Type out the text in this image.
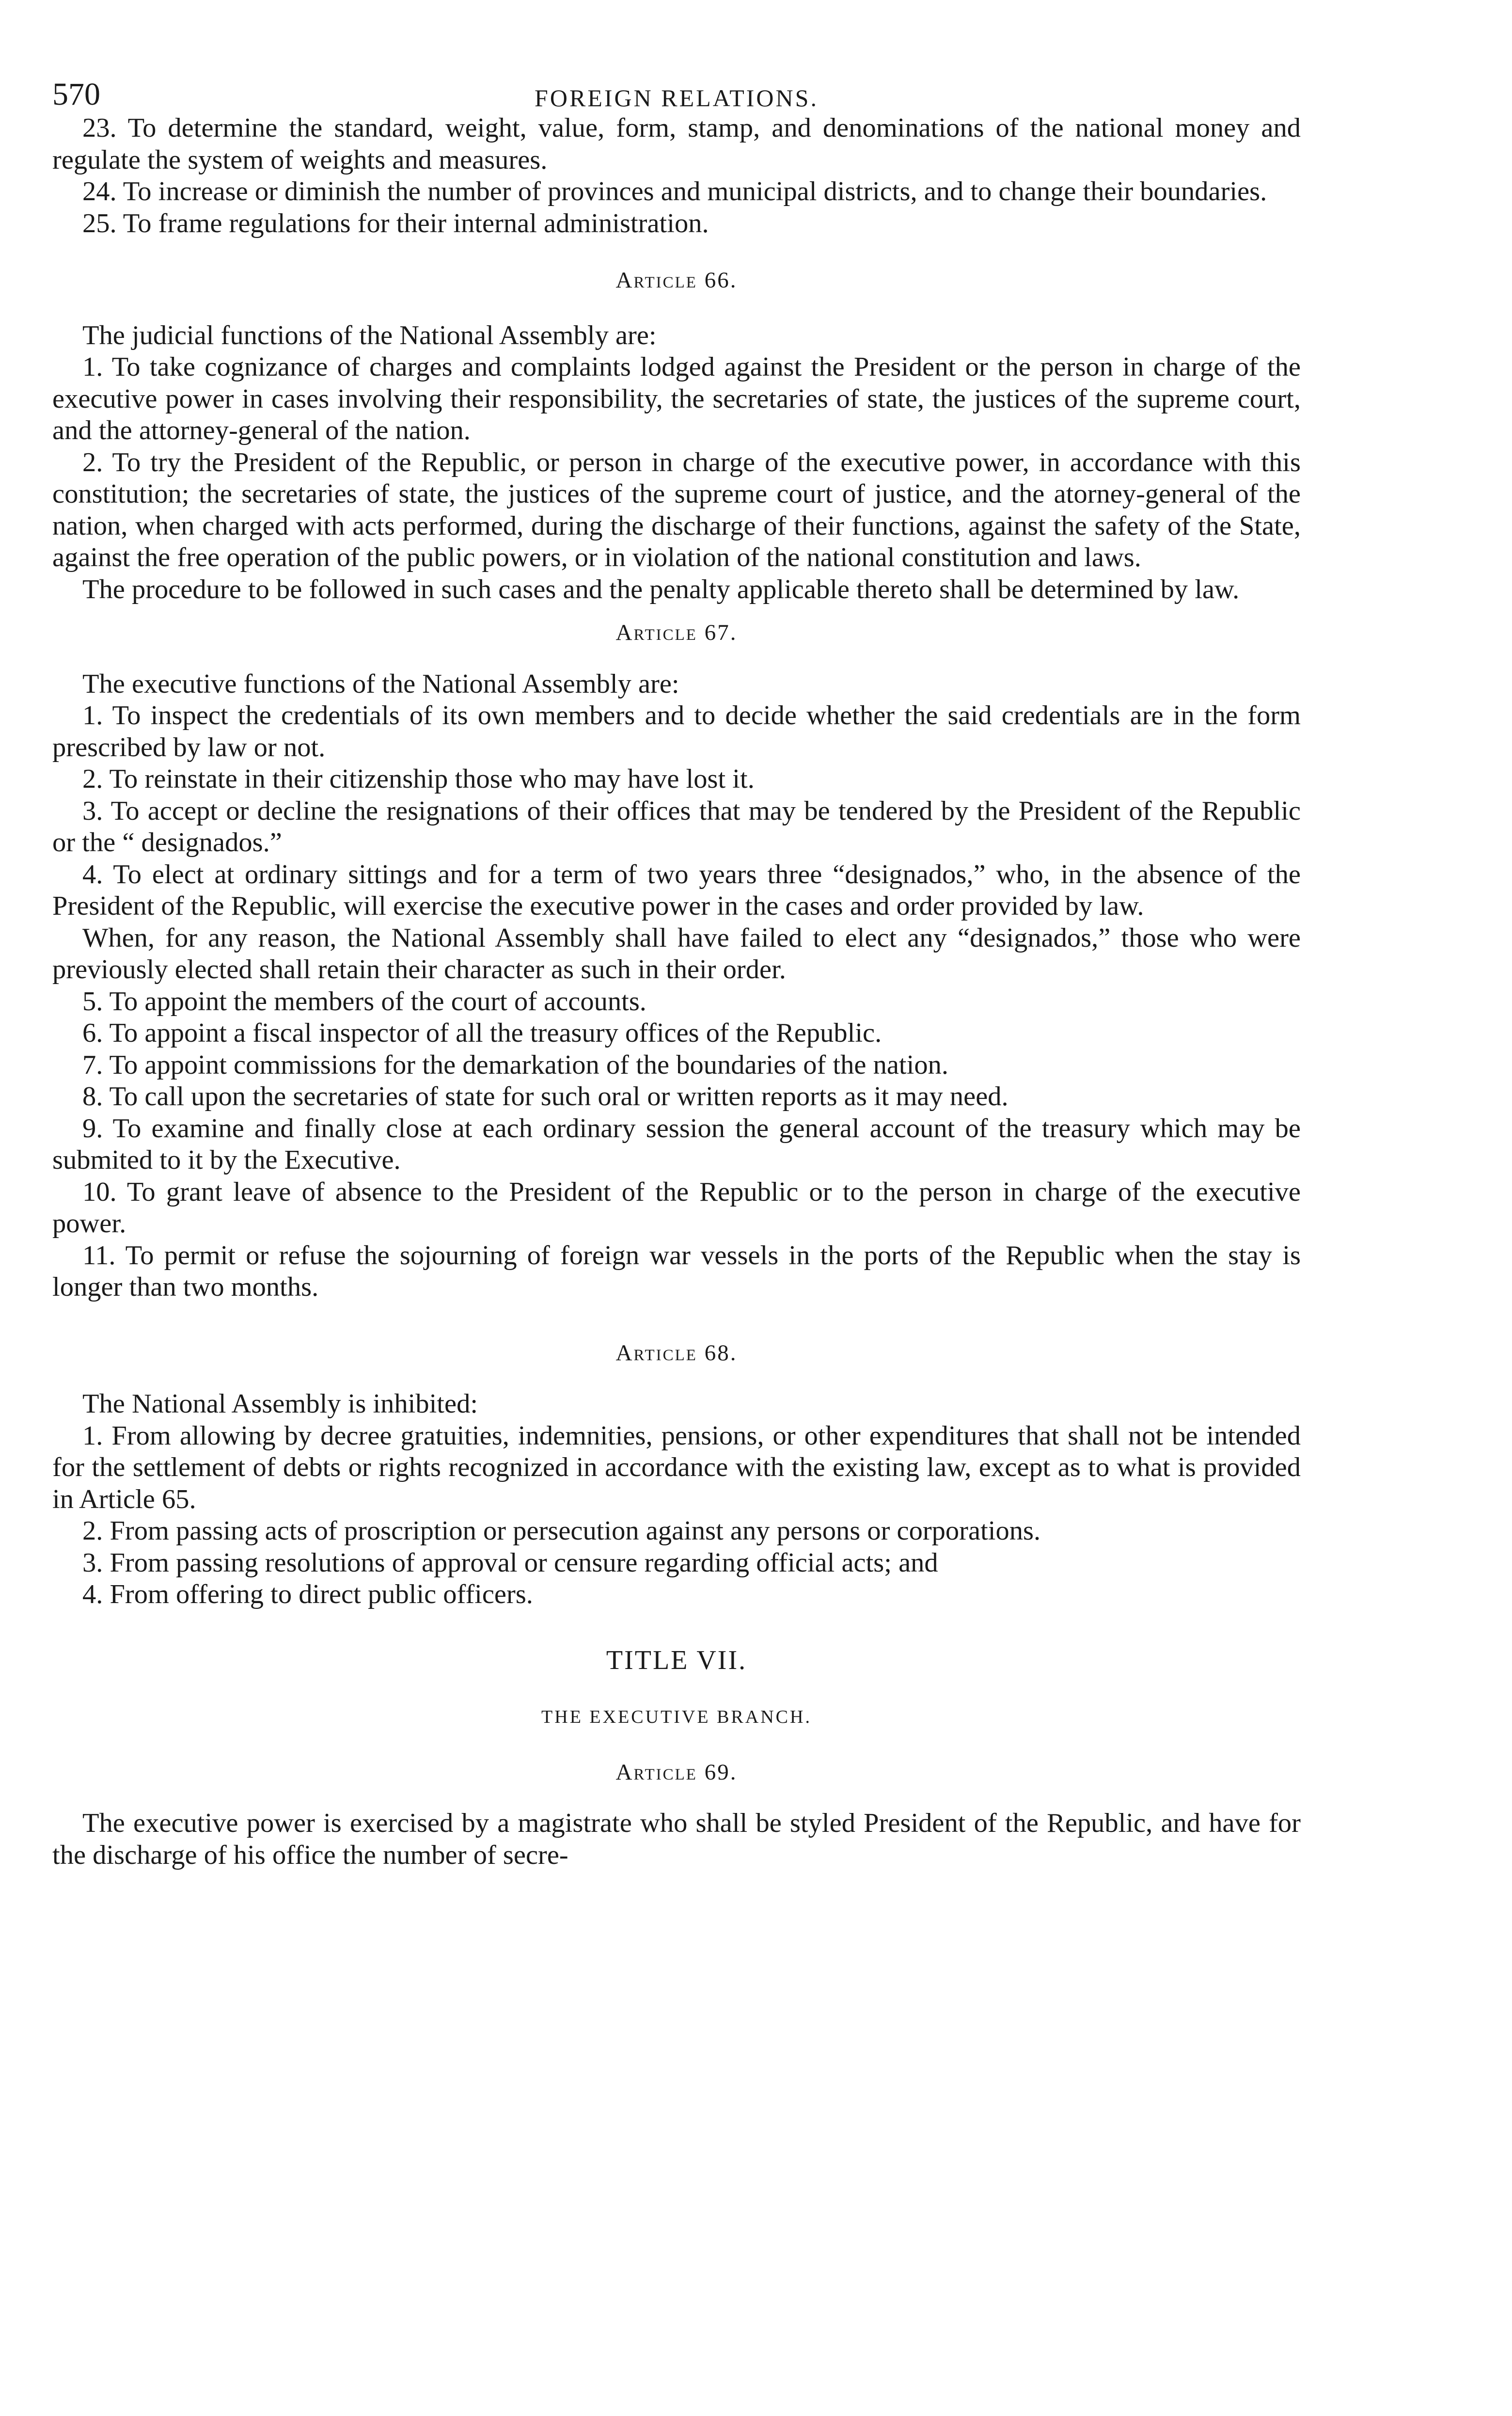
570	FOREIGN RELATIONS.

23. To determine the standard, weight, value, form, stamp, and denominations of the national money and regulate the system of weights and measures.

24. To increase or diminish the number of provinces and municipal districts, and to change their boundaries.

25. To frame regulations for their internal administration.

Article 66.

The judicial functions of the National Assembly are:

1. To take cognizance of charges and complaints lodged against the President or the person in charge of the executive power in cases involving their responsibility, the secretaries of state, the justices of the supreme court, and the attorney-general of the nation.

2. To try the President of the Republic, or person in charge of the executive power, in accordance with this constitution; the secretaries of state, the justices of the supreme court of justice, and the atorney-general of the nation, when charged with acts performed, during the discharge of their functions, against the safety of the State, against the free operation of the public powers, or in violation of the national constitution and laws.

The procedure to be followed in such cases and the penalty applicable thereto shall be determined by law.

Article 67.

The executive functions of the National Assembly are:

1. To inspect the credentials of its own members and to decide whether the said credentials are in the form prescribed by law or not.

2. To reinstate in their citizenship those who may have lost it.

3. To accept or decline the resignations of their offices that may be tendered by the President of the Republic or the “ designados.”

4. To elect at ordinary sittings and for a term of two years three “designados,” who, in the absence of the President of the Republic, will exercise the executive power in the cases and order provided by law.

When, for any reason, the National Assembly shall have failed to elect any “designados,” those who were previously elected shall retain their character as such in their order.

5. To appoint the members of the court of accounts.

6. To appoint a fiscal inspector of all the treasury offices of the Republic.

7. To appoint commissions for the demarkation of the boundaries of the nation.

8. To call upon the secretaries of state for such oral or written reports as it may need.

9. To examine and finally close at each ordinary session the general account of the treasury which may be submited to it by the Executive.

10. To grant leave of absence to the President of the Republic or to the person in charge of the executive power.

11. To permit or refuse the sojourning of foreign war vessels in the ports of the Republic when the stay is longer than two months.

Article 68.

The National Assembly is inhibited:

1. From allowing by decree gratuities, indemnities, pensions, or other expenditures that shall not be intended for the settlement of debts or rights recognized in accordance with the existing law, except as to what is provided in Article 65.

2. From passing acts of proscription or persecution against any persons or corporations.

3. From passing resolutions of approval or censure regarding official acts; and

4. From offering to direct public officers.

TITLE VII.

THE EXECUTIVE BRANCH.

Article 69.

The executive power is exercised by a magistrate who shall be styled President of the Republic, and have for the discharge of his office the number of secre-
